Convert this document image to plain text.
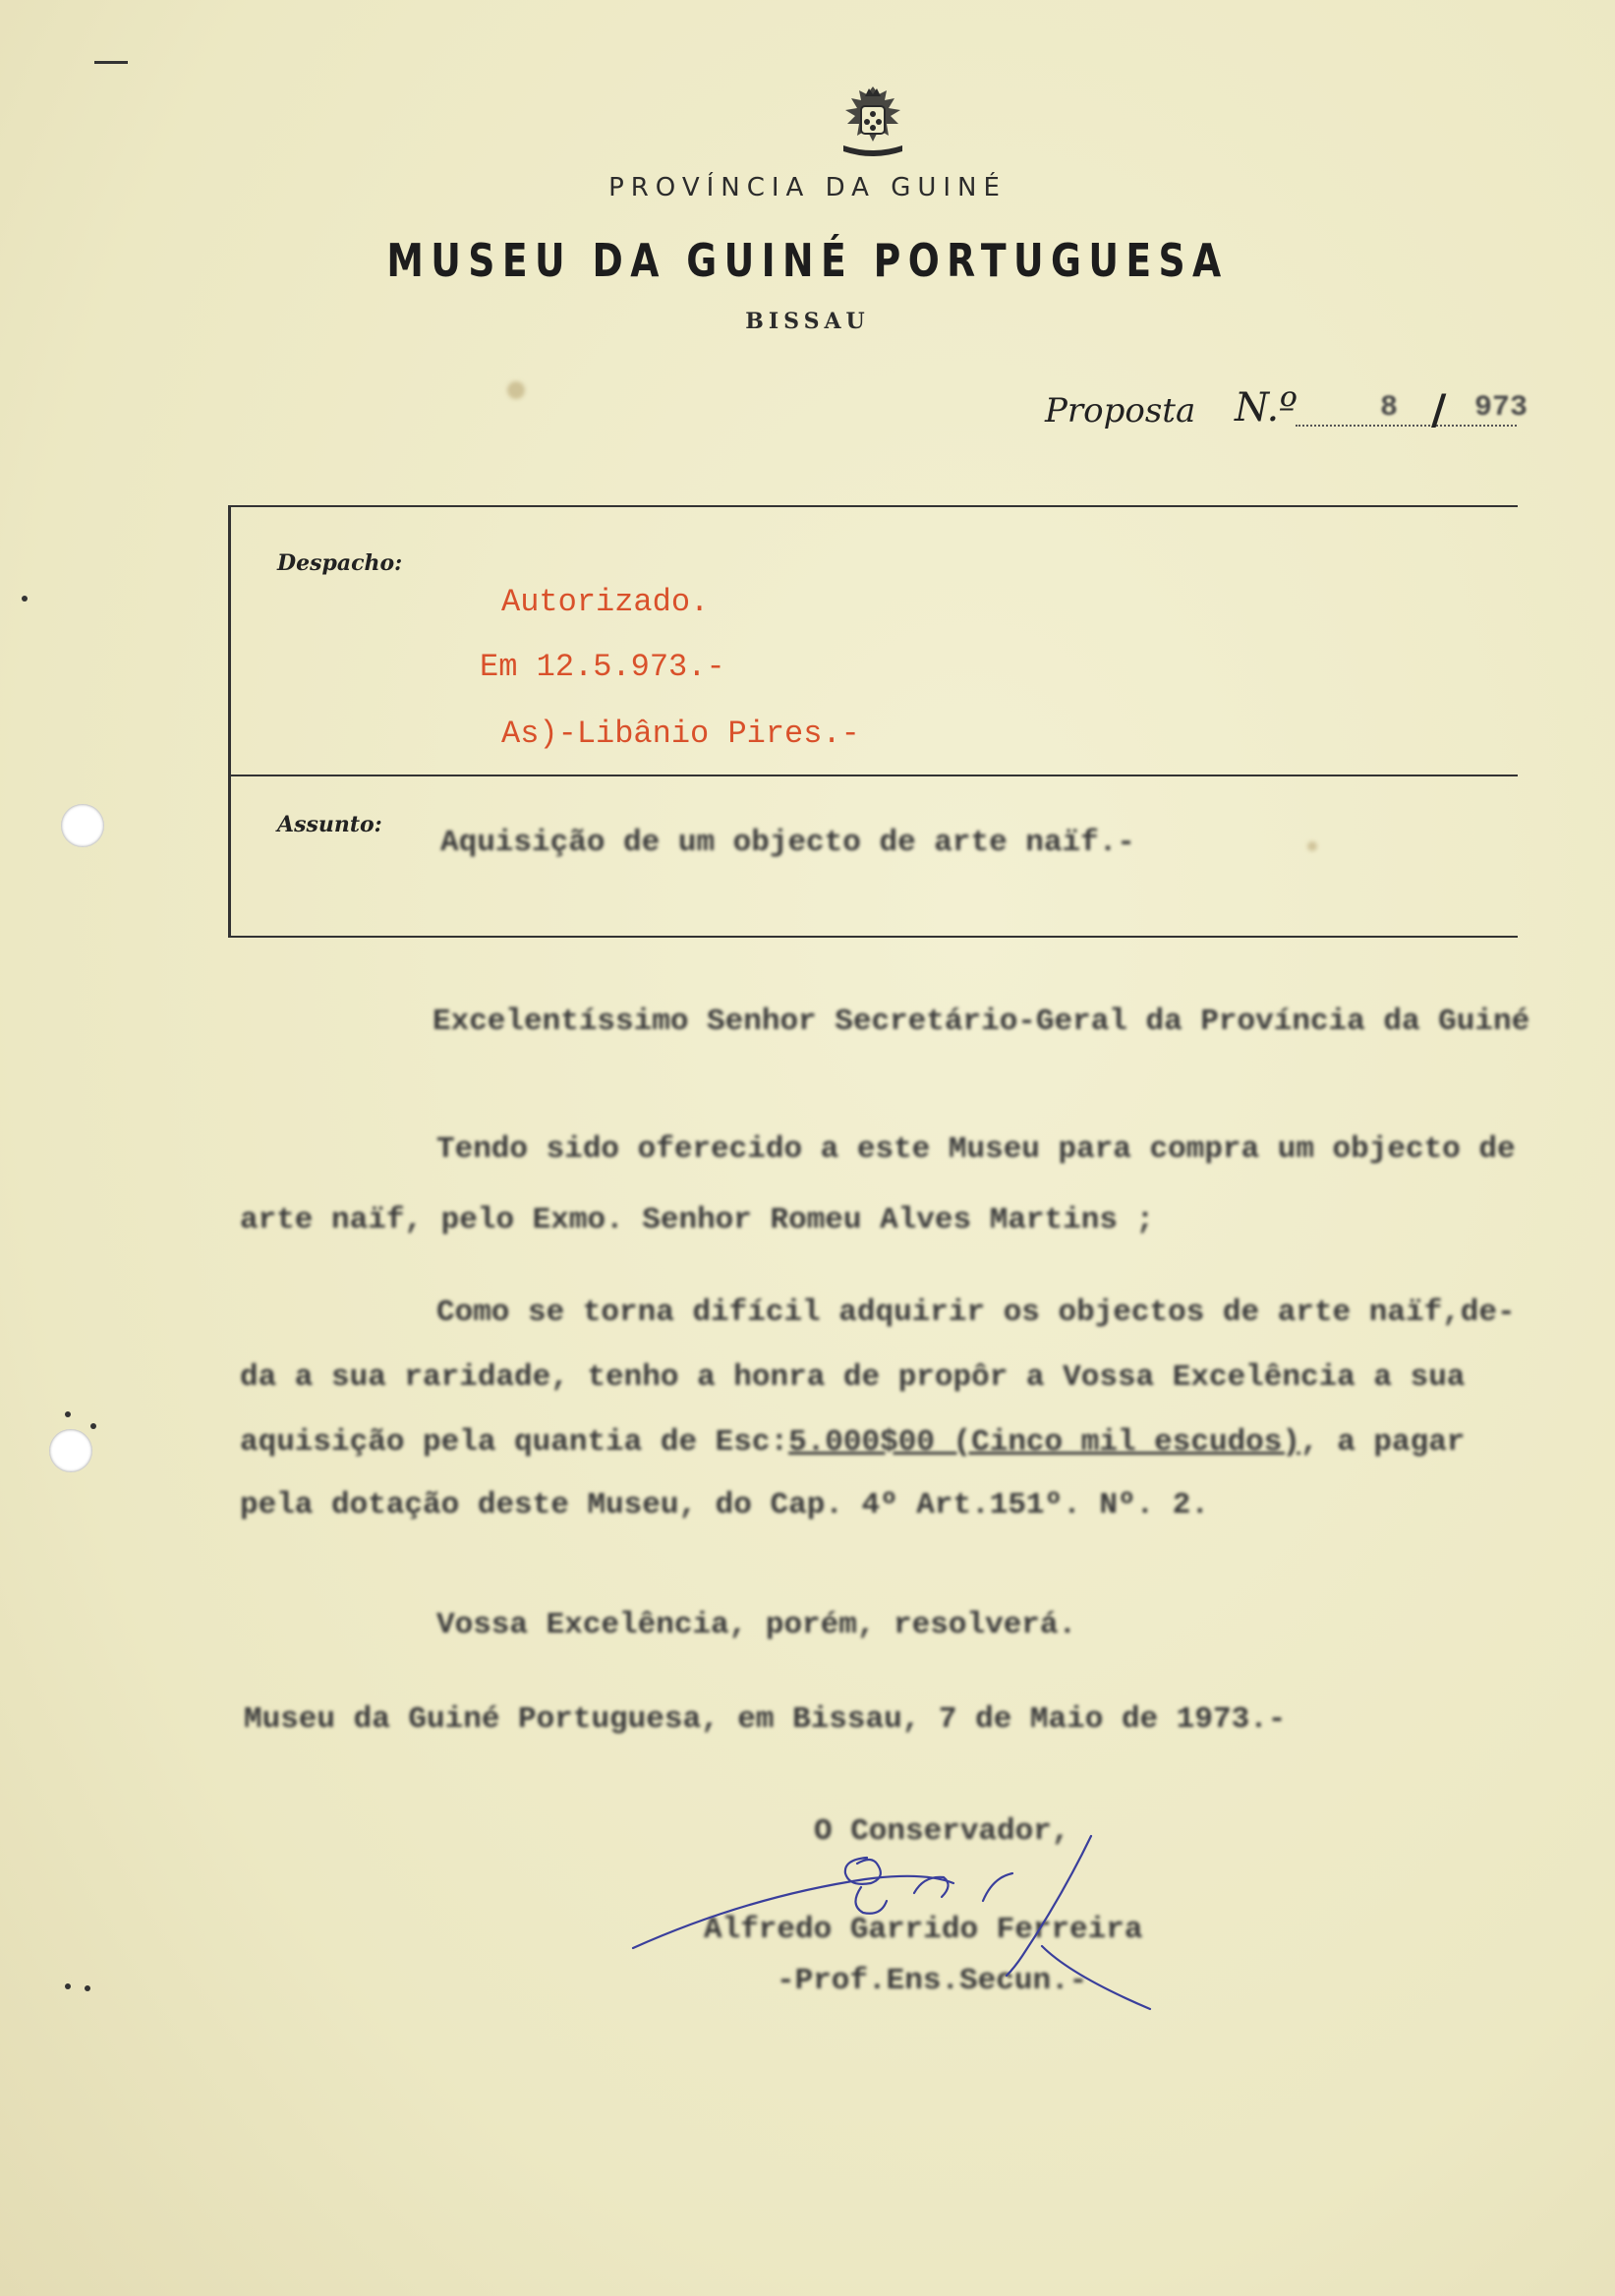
PROVÍNCIA DA GUINÉ
MUSEU DA GUINÉ PORTUGUESA
BISSAU
Proposta N.º	8 / 973
Despacho:
Autorizado.
Em 12.5.973.-
As)-Libânio Pires.-
Assunto:
Aquisição de um objecto de arte naïf.-
Excelentíssimo Senhor Secretário-Geral da Província da Guiné
Tendo sido oferecido a este Museu para compra um objecto de
arte naïf, pelo Exmo. Senhor Romeu Alves Martins ;
Como se torna difícil adquirir os objectos de arte naïf,de-
da a sua raridade, tenho a honra de propôr a Vossa Excelência a sua
aquisição pela quantia de Esc:5.000$00 (Cinco mil escudos), a pagar
pela dotação deste Museu, do Cap. 4º Art.151º. Nº. 2.
Vossa Excelência, porém, resolverá.
Museu da Guiné Portuguesa, em Bissau, 7 de Maio de 1973.-
O Conservador,
Alfredo Garrido Ferreira
-Prof.Ens.Secun.-
